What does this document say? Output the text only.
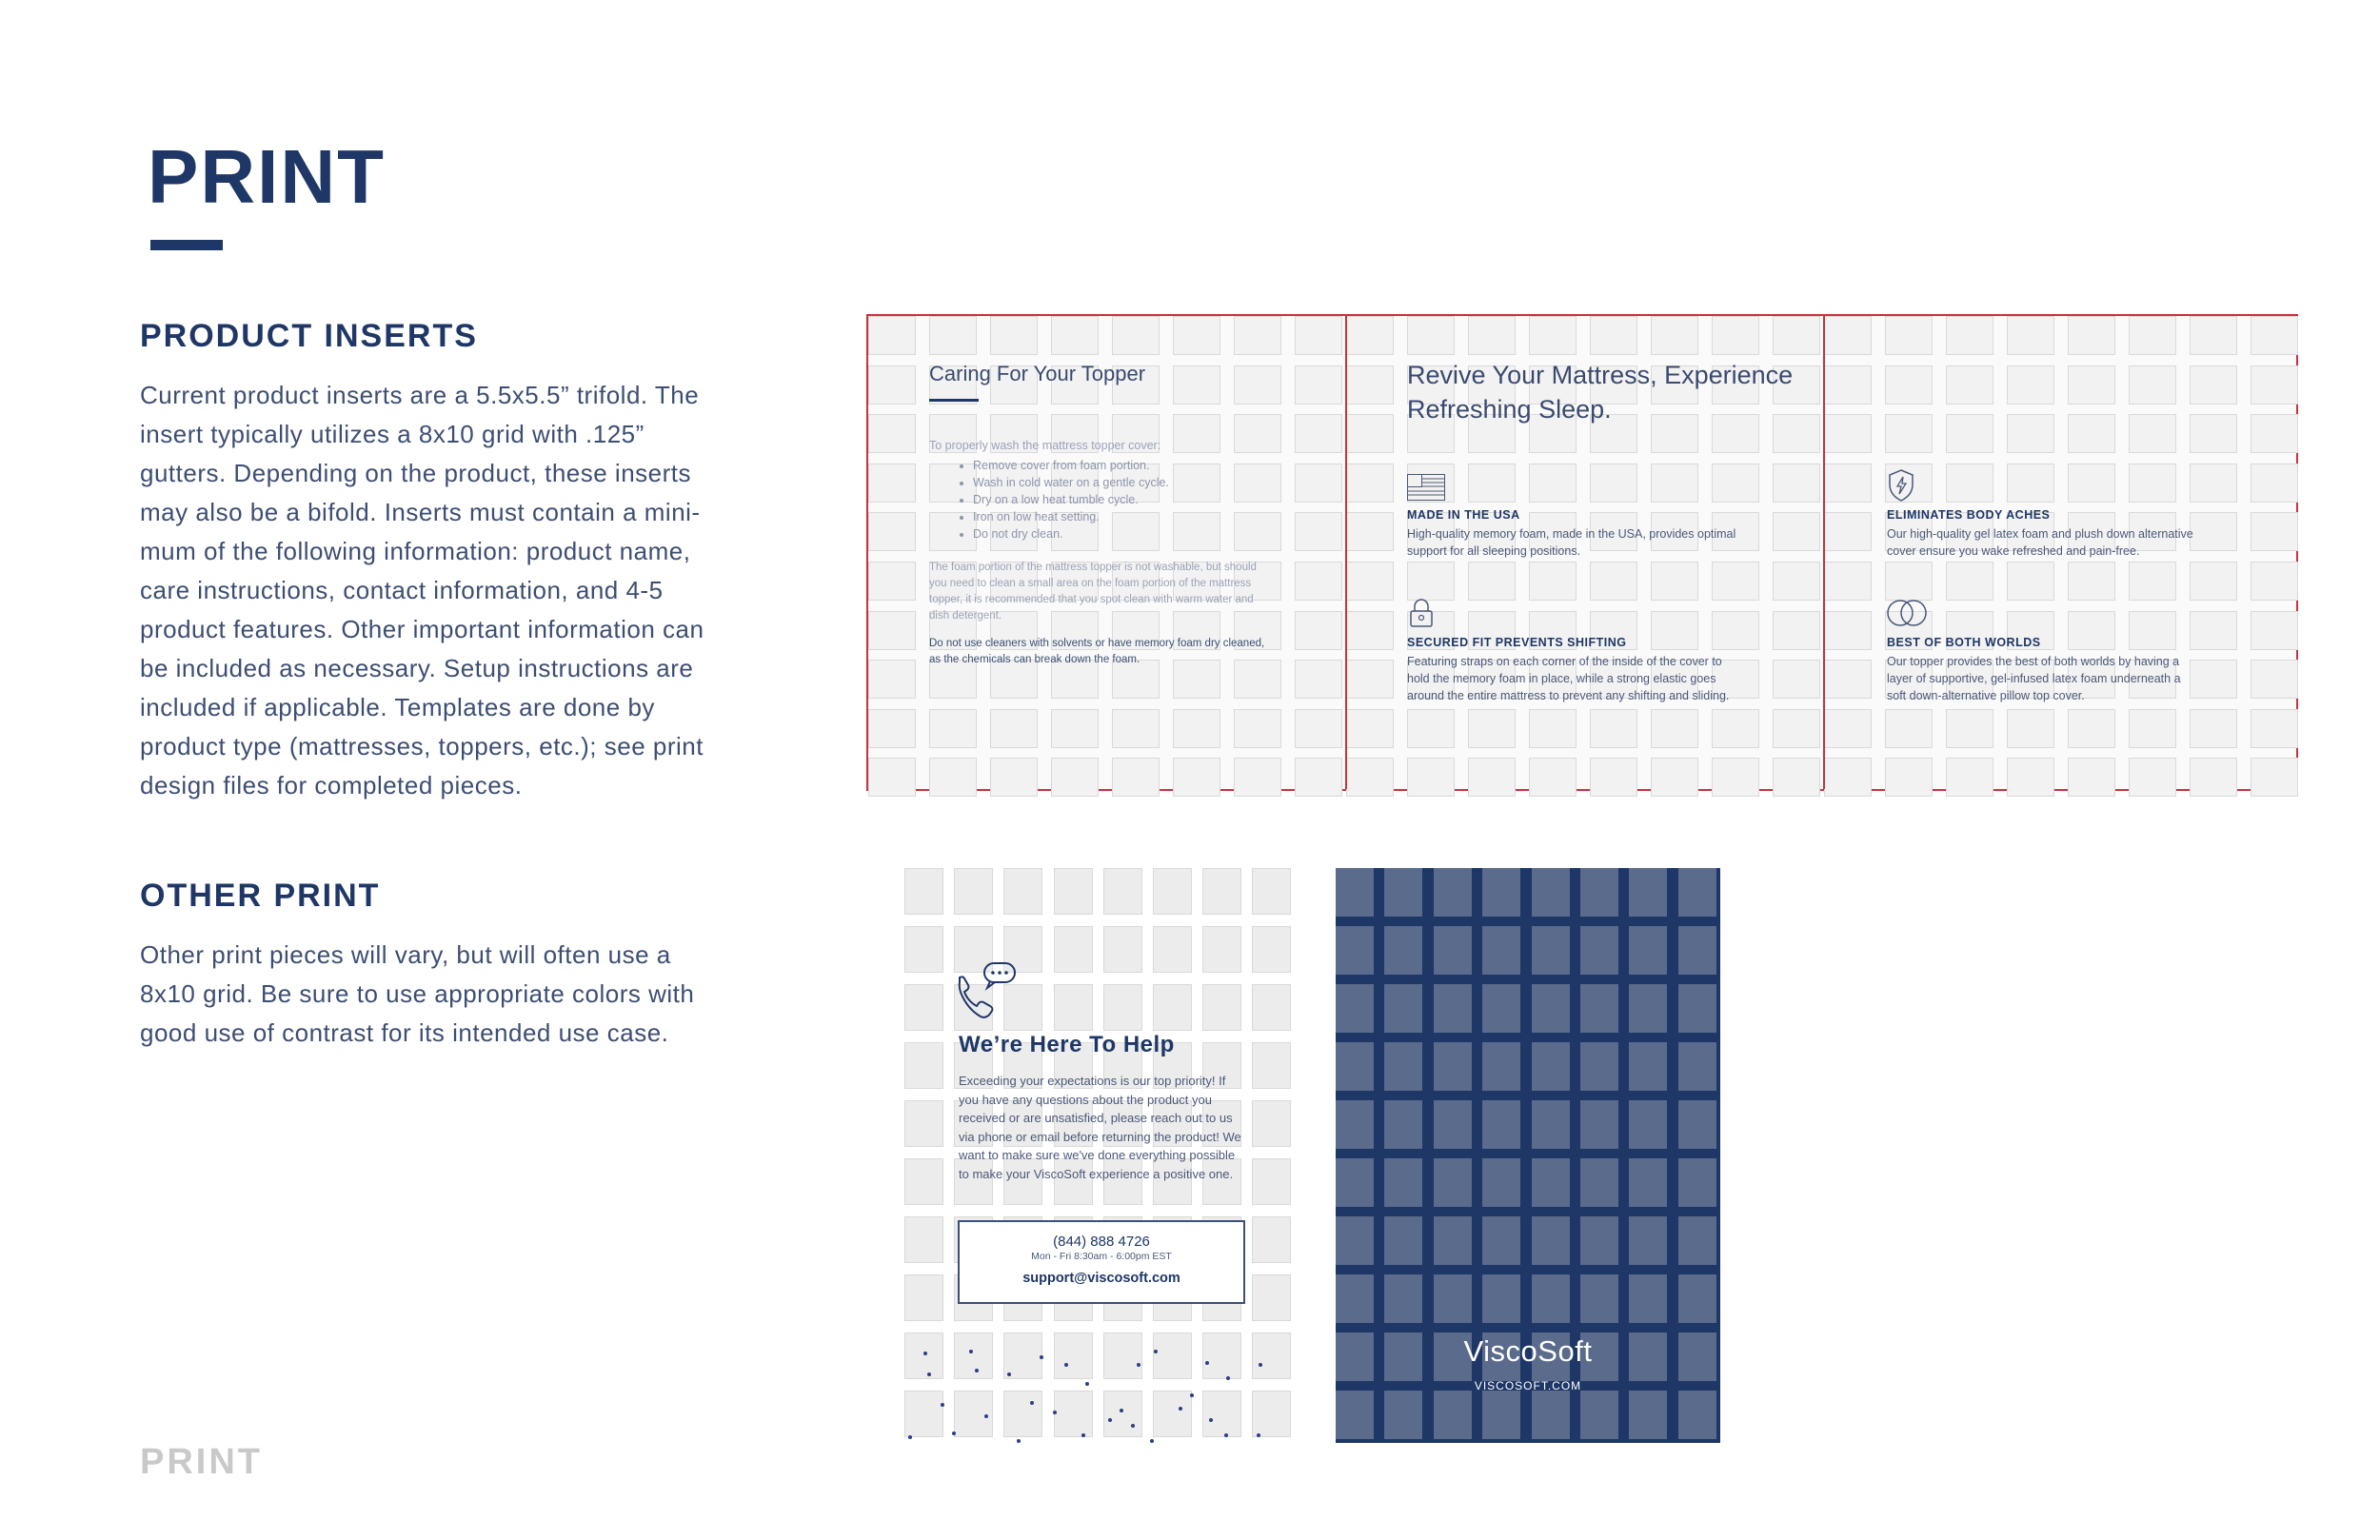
PRINT
PRODUCT INSERTS
Current product inserts are a 5.5x5.5” trifold. The insert typically utilizes a 8x10 grid with .125” gutters. Depending on the product, these inserts may also be a bifold. Inserts must contain a mini-mum of the following information: product name, care instructions, contact information, and 4-5 product features. Other important information can be included as necessary. Setup instructions are included if applicable. Templates are done by product type (mattresses, toppers, etc.); see print design files for completed pieces.
OTHER PRINT
Other print pieces will vary, but will often use a 8x10 grid. Be sure to use appropriate colors with good use of contrast for its intended use case.
PRINT
Caring For Your Topper
To properly wash the mattress topper cover:
• Remove cover from foam portion.
• Wash in cold water on a gentle cycle.
• Dry on a low heat tumble cycle.
• Iron on low heat setting.
• Do not dry clean.
The foam portion of the mattress topper is not washable, but should you need to clean a small area on the foam portion of the mattress topper, it is recommended that you spot clean with warm water and dish detergent.
Do not use cleaners with solvents or have memory foam dry cleaned, as the chemicals can break down the foam.
Revive Your Mattress, Experience Refreshing Sleep.
MADE IN THE USA
High-quality memory foam, made in the USA, provides optimal support for all sleeping positions.
SECURED FIT PREVENTS SHIFTING
Featuring straps on each corner of the inside of the cover to hold the memory foam in place, while a strong elastic goes around the entire mattress to prevent any shifting and sliding.
ELIMINATES BODY ACHES
Our high-quality gel latex foam and plush down alternative cover ensure you wake refreshed and pain-free.
BEST OF BOTH WORLDS
Our topper provides the best of both worlds by having a layer of supportive, gel-infused latex foam underneath a soft down-alternative pillow top cover.
We’re Here To Help
Exceeding your expectations is our top priority! If you have any questions about the product you received or are unsatisfied, please reach out to us via phone or email before returning the product! We want to make sure we've done everything possible to make your ViscoSoft experience a positive one.
(844) 888 4726
Mon - Fri 8:30am - 6:00pm EST
support@viscosoft.com
ViscoSoft
VISCOSOFT.COM
